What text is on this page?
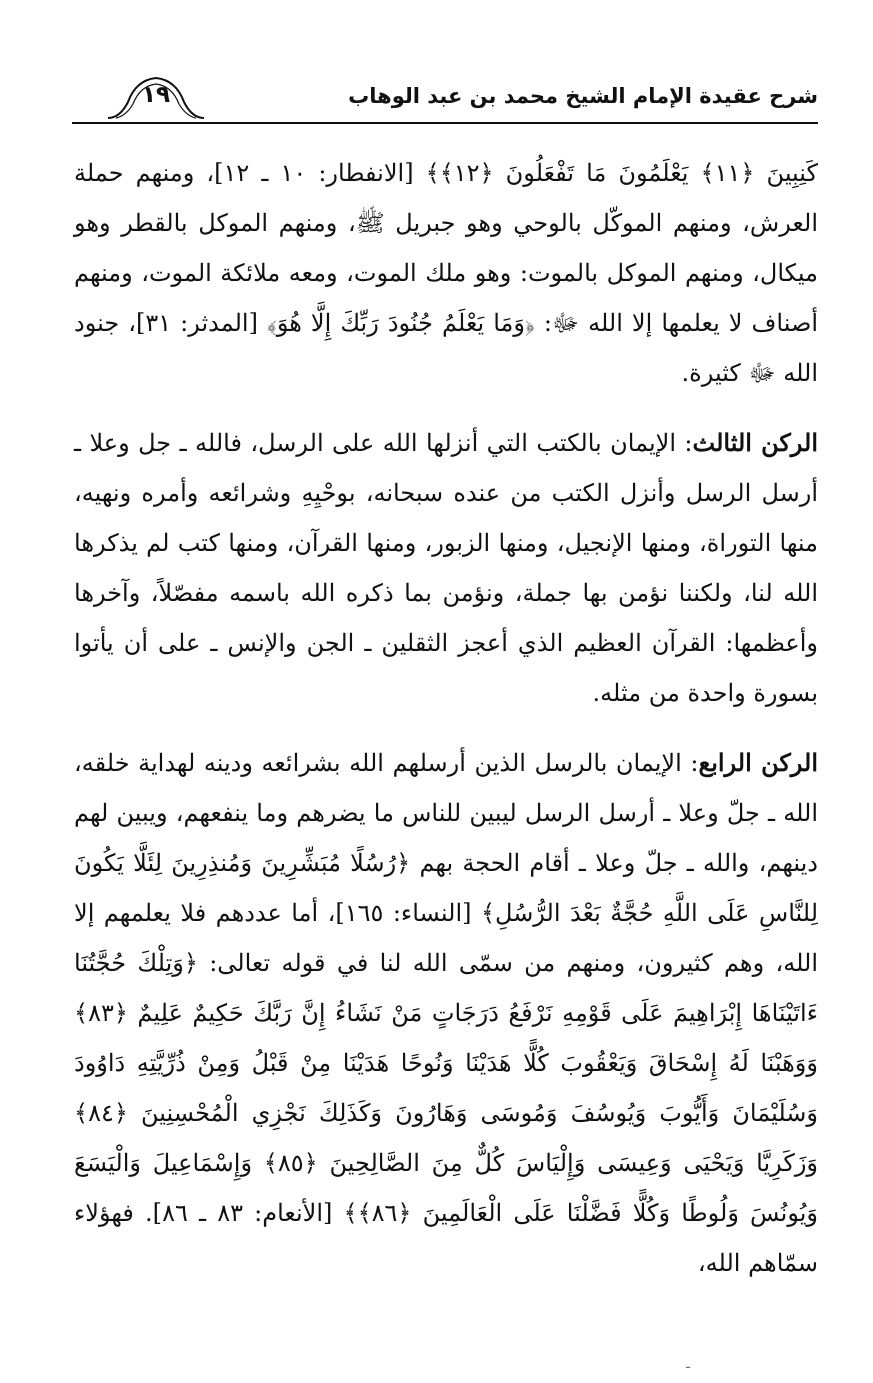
شرح عقيدة الإمام الشيخ محمد بن عبد الوهاب
١٩

كَنِبِينَ ﴿١١﴾ يَعْلَمُونَ مَا تَفْعَلُونَ ﴿١٢﴾﴾ [الانفطار: ١٠ ـ ١٢]، ومنهم حملة العرش، ومنهم الموكّل بالوحي وهو جبريل ﷺ، ومنهم الموكل بالقطر وهو ميكال، ومنهم الموكل بالموت: وهو ملك الموت، ومعه ملائكة الموت، ومنهم أصناف لا يعلمها إلا الله ﷻ: ﴿وَمَا يَعْلَمُ جُنُودَ رَبِّكَ إِلَّا هُوَ﴾ [المدثر: ٣١]، جنود الله ﷻ كثيرة.

الركن الثالث: الإيمان بالكتب التي أنزلها الله على الرسل، فالله ـ جل وعلا ـ أرسل الرسل وأنزل الكتب من عنده سبحانه، بوحْيِهِ وشرائعه وأمره ونهيه، منها التوراة، ومنها الإنجيل، ومنها الزبور، ومنها القرآن، ومنها كتب لم يذكرها الله لنا، ولكننا نؤمن بها جملة، ونؤمن بما ذكره الله باسمه مفصّلاً، وآخرها وأعظمها: القرآن العظيم الذي أعجز الثقلين ـ الجن والإنس ـ على أن يأتوا بسورة واحدة من مثله.

الركن الرابع: الإيمان بالرسل الذين أرسلهم الله بشرائعه ودينه لهداية خلقه، الله ـ جلّ وعلا ـ أرسل الرسل ليبين للناس ما يضرهم وما ينفعهم، ويبين لهم دينهم، والله ـ جلّ وعلا ـ أقام الحجة بهم ﴿رُسُلًا مُبَشِّرِينَ وَمُنذِرِينَ لِئَلَّا يَكُونَ لِلنَّاسِ عَلَى اللَّهِ حُجَّةٌ بَعْدَ الرُّسُلِ﴾ [النساء: ١٦٥]، أما عددهم فلا يعلمهم إلا الله، وهم كثيرون، ومنهم من سمّى الله لنا في قوله تعالى: ﴿وَتِلْكَ حُجَّتُنَا ءَاتَيْنَاهَا إِبْرَاهِيمَ عَلَى قَوْمِهِ نَرْفَعُ دَرَجَاتٍ مَنْ نَشَاءُ إِنَّ رَبَّكَ حَكِيمٌ عَلِيمٌ ﴿٨٣﴾ وَوَهَبْنَا لَهُ إِسْحَاقَ وَيَعْقُوبَ كُلًّا هَدَيْنَا وَنُوحًا هَدَيْنَا مِنْ قَبْلُ وَمِنْ ذُرِّيَّتِهِ دَاوُودَ وَسُلَيْمَانَ وَأَيُّوبَ وَيُوسُفَ وَمُوسَى وَهَارُونَ وَكَذَلِكَ نَجْزِي الْمُحْسِنِينَ ﴿٨٤﴾ وَزَكَرِيَّا وَيَحْيَى وَعِيسَى وَإِلْيَاسَ كُلٌّ مِنَ الصَّالِحِينَ ﴿٨٥﴾ وَإِسْمَاعِيلَ وَالْيَسَعَ وَيُونُسَ وَلُوطًا وَكُلًّا فَضَّلْنَا عَلَى الْعَالَمِينَ ﴿٨٦﴾﴾ [الأنعام: ٨٣ ـ ٨٦]. فهؤلاء سمّاهم الله،

ـ
